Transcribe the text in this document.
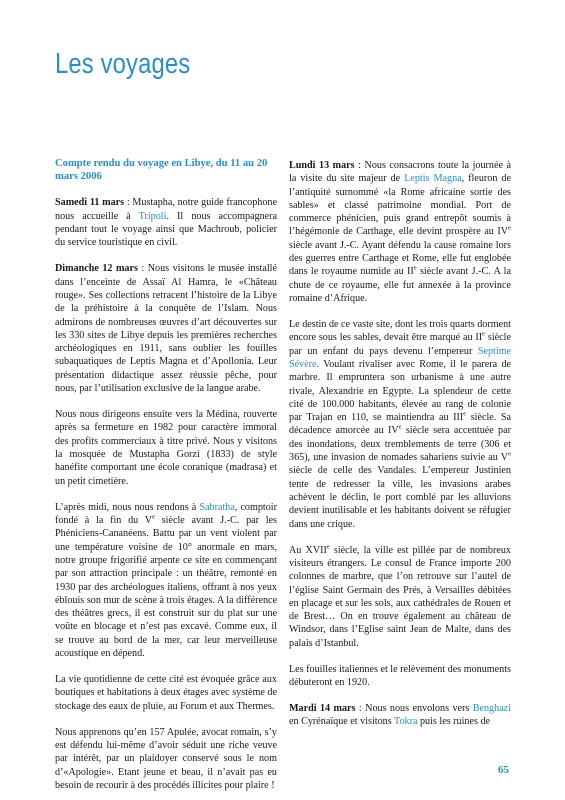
Les voyages

Compte rendu du voyage en Libye, du 11 au 20 mars 2006

Samedi 11 mars : Mustapha, notre guide francophone nous accueille à Tripoli. Il nous accompagnera pendant tout le voyage ainsi que Machroub, policier du service touristique en civil.

Dimanche 12 mars : Nous visitons le musée installé dans l’enceinte de Assaï Al Hamra, le «Château rouge». Ses collections retracent l’histoire de la Libye de la préhistoire à la conquête de l’Islam. Nous admirons de nombreuses œuvres d’art découvertes sur les 330 sites de Libye depuis les premières recherches archéologiques en 1911, sans oublier les fouilles subaquatiques de Leptis Magna et d’Apollonia. Leur présentation didactique assez réussie pêche, pour nous, par l’utilisation exclusive de la langue arabe.

Nous nous dirigeons ensuite vers la Médina, rouverte après sa fermeture en 1982 pour caractère immoral des profits commerciaux à titre privé. Nous y visitons la mosquée de Mustapha Gorzi (1833) de style hanéfite comportant une école coranique (madrasa) et un petit cimetière.

L’après midi, nous nous rendons à Sabratha, comptoir fondé à la fin du Ve siècle avant J.-C. par les Phéniciens-Cananéens. Battu par un vent violent par une température voisine de 10° anormale en mars, notre groupe frigorifié arpente ce site en commençant par son attraction principale : un théâtre, remonté en 1930 par des archéologues italiens, offrant à nos yeux éblouis son mur de scène à trois étages. A la différence des théâtres grecs, il est construit sur du plat sur une voûte en blocage et n’est pas excavé. Comme eux, il se trouve au bord de la mer, car leur merveilleuse acoustique en dépend.

La vie quotidienne de cette cité est évoquée grâce aux boutiques et habitations à deux étages avec système de stockage des eaux de pluie, au Forum et aux Thermes.

Nous apprenons qu’en 157 Apulée, avocat romain, s’y est défendu lui-même d’avoir séduit une riche veuve par intérêt, par un plaidoyer conservé sous le nom d’«Apologie». Etant jeune et beau, il n’avait pas eu besoin de recourir à des procédés illicites pour plaire !

Lundi 13 mars : Nous consacrons toute la journée à la visite du site majeur de Leptis Magna, fleuron de l’antiquité surnommé «la Rome africaine sortie des sables» et classé patrimoine mondial. Port de commerce phénicien, puis grand entrepôt soumis à l’hégémonie de Carthage, elle devint prospère au IVe siècle avant J.-C. Ayant défendu la cause romaine lors des guerres entre Carthage et Rome, elle fut englobée dans le royaume numide au IIe siècle avant J.-C. A la chute de ce royaume, elle fut annexée à la province romaine d’Afrique.

Le destin de ce vaste site, dont les trois quarts dorment encore sous les sables, devait être marqué au IIe siècle par un enfant du pays devenu l’empereur Septime Sévère. Voulant rivaliser avec Rome, il le parera de marbre. Il empruntera son urbanisme à une autre rivale, Alexandrie en Egypte. La splendeur de cette cité de 100.000 habitants, élevée au rang de colonie par Trajan en 110, se maintiendra au IIIe siècle. Sa décadence amorcée au IVe siècle sera accentuée par des inondations, deux tremblements de terre (306 et 365), une invasion de nomades sahariens suivie au Ve siècle de celle des Vandales. L’empereur Justinien tente de redresser la ville, les invasions arabes achèvent le déclin, le port comblé par les alluvions devient inutilisable et les habitants doivent se réfugier dans une crique.

Au XVIIe siècle, la ville est pillée par de nombreux visiteurs étrangers. Le consul de France importe 200 colonnes de marbre, que l’on retrouve sur l’autel de l’église Saint Germain des Prés, à Versailles débitées en placage et sur les sols, aux cathédrales de Rouen et de Brest… On en trouve également au château de Windsor, dans l’Eglise saint Jean de Malte, dans des palais d’Istanbul.

Les fouilles italiennes et le relèvement des monuments débuteront en 1920.

Mardi 14 mars : Nous nous envolons vers Benghazi en Cyrénaïque et visitons Tokra puis les ruines de

65
